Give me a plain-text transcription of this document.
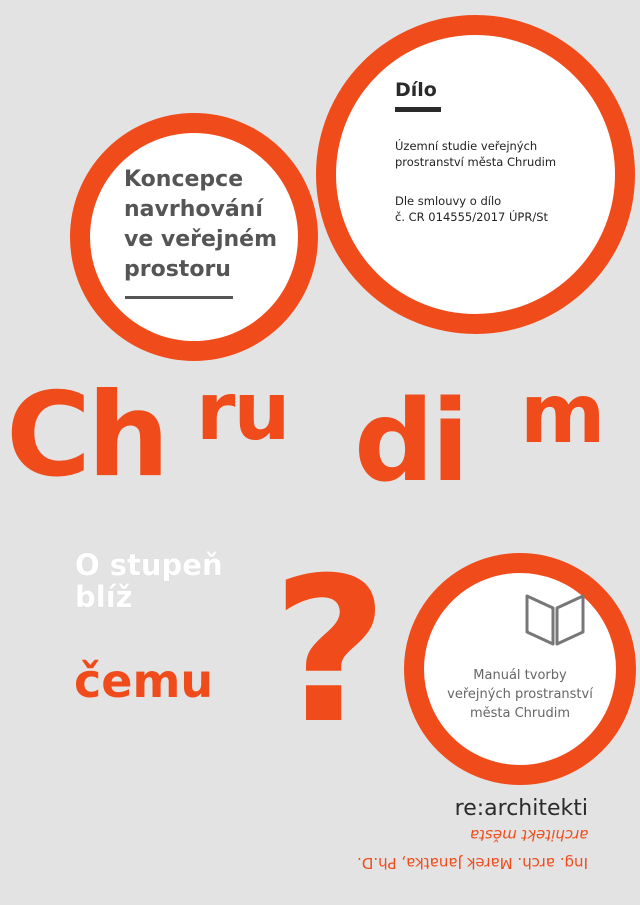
Koncepce
navrhování
ve veřejném
prostoru
Dílo
Územní studie veřejných
prostranství města Chrudim
Dle smlouvy o dílo
č. CR 014555/2017 ÚPR/St
Ch ru di m
O stupeň
blíž
čemu ?	Manuál tvorby
veřejných prostranství
města Chrudim
re:architekti
architekt města
Ing. arch. Marek Janatka, Ph.D.
